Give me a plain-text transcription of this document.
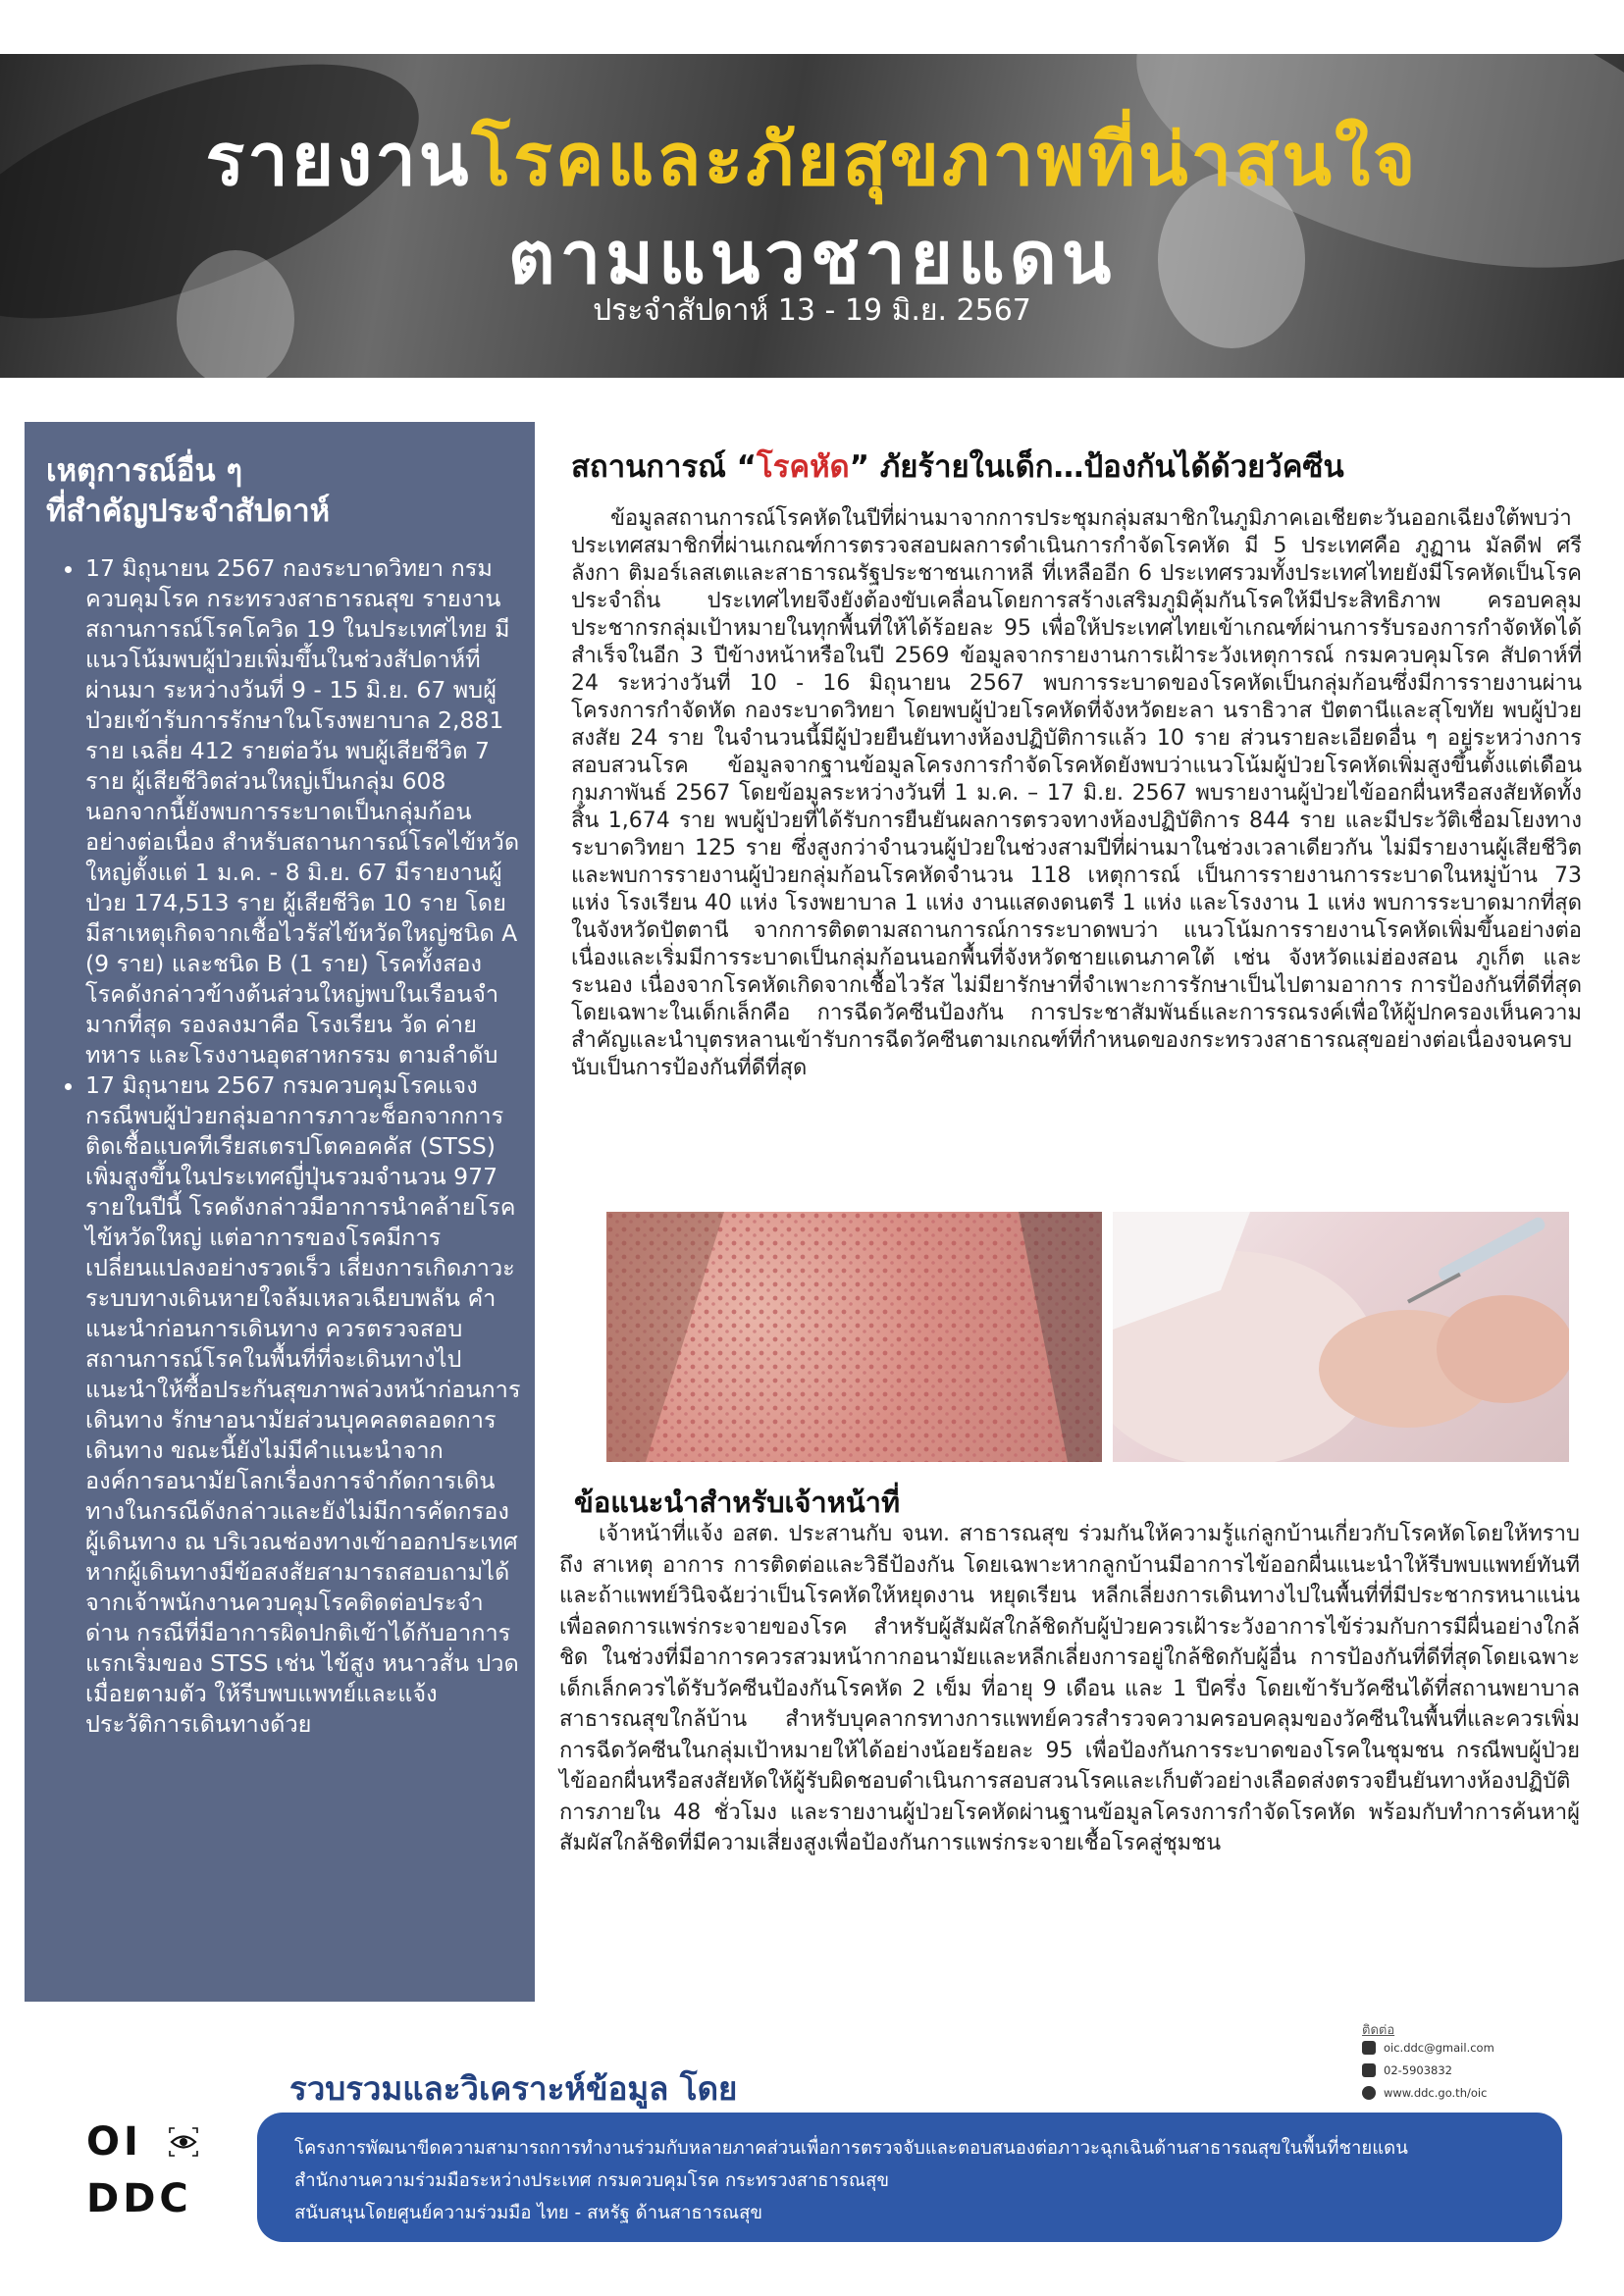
รายงานโรคและภัยสุขภาพที่น่าสนใจ
ตามแนวชายแดน
ประจำสัปดาห์ 13 - 19 มิ.ย. 2567
เหตุการณ์อื่น ๆ
ที่สำคัญประจำสัปดาห์
• 17 มิถุนายน 2567 กองระบาดวิทยา กรมควบคุมโรค กระทรวงสาธารณสุข รายงานสถานการณ์โรคโควิด 19 ในประเทศไทย มีแนวโน้มพบผู้ป่วยเพิ่มขึ้นในช่วงสัปดาห์ที่ผ่านมา ระหว่างวันที่ 9 - 15 มิ.ย. 67 พบผู้ป่วยเข้ารับการรักษาในโรงพยาบาล 2,881 ราย เฉลี่ย 412 รายต่อวัน พบผู้เสียชีวิต 7 ราย ผู้เสียชีวิตส่วนใหญ่เป็นกลุ่ม 608 นอกจากนี้ยังพบการระบาดเป็นกลุ่มก้อนอย่างต่อเนื่อง สำหรับสถานการณ์โรคไข้หวัดใหญ่ตั้งแต่ 1 ม.ค. - 8 มิ.ย. 67 มีรายงานผู้ป่วย 174,513 ราย ผู้เสียชีวิต 10 ราย โดยมีสาเหตุเกิดจากเชื้อไวรัสไข้หวัดใหญ่ชนิด A (9 ราย) และชนิด B (1 ราย) โรคทั้งสองโรคดังกล่าวข้างต้นส่วนใหญ่พบในเรือนจำมากที่สุด รองลงมาคือ โรงเรียน วัด ค่ายทหาร และโรงงานอุตสาหกรรม ตามลำดับ
• 17 มิถุนายน 2567 กรมควบคุมโรคแจงกรณีพบผู้ป่วยกลุ่มอาการภาวะช็อกจากการติดเชื้อแบคทีเรียสเตรปโตคอคคัส (STSS) เพิ่มสูงขึ้นในประเทศญี่ปุ่นรวมจำนวน 977 รายในปีนี้ โรคดังกล่าวมีอาการนำคล้ายโรคไข้หวัดใหญ่ แต่อาการของโรคมีการเปลี่ยนแปลงอย่างรวดเร็ว เสี่ยงการเกิดภาวะระบบทางเดินหายใจล้มเหลวเฉียบพลัน คำแนะนำก่อนการเดินทาง ควรตรวจสอบสถานการณ์โรคในพื้นที่ที่จะเดินทางไป แนะนำให้ซื้อประกันสุขภาพล่วงหน้าก่อนการเดินทาง รักษาอนามัยส่วนบุคคลตลอดการเดินทาง ขณะนี้ยังไม่มีคำแนะนำจากองค์การอนามัยโลกเรื่องการจำกัดการเดินทางในกรณีดังกล่าวและยังไม่มีการคัดกรองผู้เดินทาง ณ บริเวณช่องทางเข้าออกประเทศ หากผู้เดินทางมีข้อสงสัยสามารถสอบถามได้จากเจ้าพนักงานควบคุมโรคติดต่อประจำด่าน กรณีที่มีอาการผิดปกติเข้าได้กับอาการแรกเริ่มของ STSS เช่น ไข้สูง หนาวสั่น ปวดเมื่อยตามตัว ให้รีบพบแพทย์และแจ้งประวัติการเดินทางด้วย
สถานการณ์ “โรคหัด” ภัยร้ายในเด็ก…ป้องกันได้ด้วยวัคซีน

ข้อมูลสถานการณ์โรคหัดในปีที่ผ่านมาจากการประชุมกลุ่มสมาชิกในภูมิภาคเอเชียตะวันออกเฉียงใต้พบว่า ประเทศสมาชิกที่ผ่านเกณฑ์การตรวจสอบผลการดำเนินการกำจัดโรคหัด มี 5 ประเทศคือ ภูฏาน มัลดีฟ ศรีลังกา ติมอร์เลสเตและสาธารณรัฐประชาชนเกาหลี ที่เหลืออีก 6 ประเทศรวมทั้งประเทศไทยยังมีโรคหัดเป็นโรคประจำถิ่น ประเทศไทยจึงยังต้องขับเคลื่อนโดยการสร้างเสริมภูมิคุ้มกันโรคให้มีประสิทธิภาพ ครอบคลุมประชากรกลุ่มเป้าหมายในทุกพื้นที่ให้ได้ร้อยละ 95 เพื่อให้ประเทศไทยเข้าเกณฑ์ผ่านการรับรองการกำจัดหัดได้สำเร็จในอีก 3 ปีข้างหน้าหรือในปี 2569 ข้อมูลจากรายงานการเฝ้าระวังเหตุการณ์ กรมควบคุมโรค สัปดาห์ที่ 24 ระหว่างวันที่ 10 - 16 มิถุนายน 2567 พบการระบาดของโรคหัดเป็นกลุ่มก้อนซึ่งมีการรายงานผ่านโครงการกำจัดหัด กองระบาดวิทยา โดยพบผู้ป่วยโรคหัดที่จังหวัดยะลา นราธิวาส ปัตตานีและสุโขทัย พบผู้ป่วยสงสัย 24 ราย ในจำนวนนี้มีผู้ป่วยยืนยันทางห้องปฏิบัติการแล้ว 10 ราย ส่วนรายละเอียดอื่น ๆ อยู่ระหว่างการสอบสวนโรค ข้อมูลจากฐานข้อมูลโครงการกำจัดโรคหัดยังพบว่าแนวโน้มผู้ป่วยโรคหัดเพิ่มสูงขึ้นตั้งแต่เดือนกุมภาพันธ์ 2567 โดยข้อมูลระหว่างวันที่ 1 ม.ค. – 17 มิ.ย. 2567 พบรายงานผู้ป่วยไข้ออกผื่นหรือสงสัยหัดทั้งสิ้น 1,674 ราย พบผู้ป่วยที่ได้รับการยืนยันผลการตรวจทางห้องปฏิบัติการ 844 ราย และมีประวัติเชื่อมโยงทางระบาดวิทยา 125 ราย ซึ่งสูงกว่าจำนวนผู้ป่วยในช่วงสามปีที่ผ่านมาในช่วงเวลาเดียวกัน ไม่มีรายงานผู้เสียชีวิตและพบการรายงานผู้ป่วยกลุ่มก้อนโรคหัดจำนวน 118 เหตุการณ์ เป็นการรายงานการระบาดในหมู่บ้าน 73 แห่ง โรงเรียน 40 แห่ง โรงพยาบาล 1 แห่ง งานแสดงดนตรี 1 แห่ง และโรงงาน 1 แห่ง พบการระบาดมากที่สุดในจังหวัดปัตตานี จากการติดตามสถานการณ์การระบาดพบว่า แนวโน้มการรายงานโรคหัดเพิ่มขึ้นอย่างต่อเนื่องและเริ่มมีการระบาดเป็นกลุ่มก้อนนอกพื้นที่จังหวัดชายแดนภาคใต้ เช่น จังหวัดแม่ฮ่องสอน ภูเก็ต และระนอง เนื่องจากโรคหัดเกิดจากเชื้อไวรัส ไม่มียารักษาที่จำเพาะการรักษาเป็นไปตามอาการ การป้องกันที่ดีที่สุดโดยเฉพาะในเด็กเล็กคือ การฉีดวัคซีนป้องกัน การประชาสัมพันธ์และการรณรงค์เพื่อให้ผู้ปกครองเห็นความสำคัญและนำบุตรหลานเข้ารับการฉีดวัคซีนตามเกณฑ์ที่กำหนดของกระทรวงสาธารณสุขอย่างต่อเนื่องจนครบนับเป็นการป้องกันที่ดีที่สุด

ข้อแนะนำสำหรับเจ้าหน้าที่

เจ้าหน้าที่แจ้ง อสต. ประสานกับ จนท. สาธารณสุข ร่วมกันให้ความรู้แก่ลูกบ้านเกี่ยวกับโรคหัดโดยให้ทราบถึง สาเหตุ อาการ การติดต่อและวิธีป้องกัน โดยเฉพาะหากลูกบ้านมีอาการไข้ออกผื่นแนะนำให้รีบพบแพทย์ทันทีและถ้าแพทย์วินิจฉัยว่าเป็นโรคหัดให้หยุดงาน หยุดเรียน หลีกเลี่ยงการเดินทางไปในพื้นที่ที่มีประชากรหนาแน่นเพื่อลดการแพร่กระจายของโรค สำหรับผู้สัมผัสใกล้ชิดกับผู้ป่วยควรเฝ้าระวังอาการไข้ร่วมกับการมีผื่นอย่างใกล้ชิด ในช่วงที่มีอาการควรสวมหน้ากากอนามัยและหลีกเลี่ยงการอยู่ใกล้ชิดกับผู้อื่น การป้องกันที่ดีที่สุดโดยเฉพาะเด็กเล็กควรได้รับวัคซีนป้องกันโรคหัด 2 เข็ม ที่อายุ 9 เดือน และ 1 ปีครึ่ง โดยเข้ารับวัคซีนได้ที่สถานพยาบาลสาธารณสุขใกล้บ้าน สำหรับบุคลากรทางการแพทย์ควรสำรวจความครอบคลุมของวัคซีนในพื้นที่และควรเพิ่มการฉีดวัคซีนในกลุ่มเป้าหมายให้ได้อย่างน้อยร้อยละ 95 เพื่อป้องกันการระบาดของโรคในชุมชน กรณีพบผู้ป่วยไข้ออกผื่นหรือสงสัยหัดให้ผู้รับผิดชอบดำเนินการสอบสวนโรคและเก็บตัวอย่างเลือดส่งตรวจยืนยันทางห้องปฏิบัติการภายใน 48 ชั่วโมง และรายงานผู้ป่วยโรคหัดผ่านฐานข้อมูลโครงการกำจัดโรคหัด พร้อมกับทำการค้นหาผู้สัมผัสใกล้ชิดที่มีความเสี่ยงสูงเพื่อป้องกันการแพร่กระจายเชื้อโรคสู่ชุมชน

รวบรวมและวิเคราะห์ข้อมูล โดย
OI
DDC
ติดต่อ
oic.ddc@gmail.com
02-5903832
www.ddc.go.th/oic
โครงการพัฒนาขีดความสามารถการทำงานร่วมกับหลายภาคส่วนเพื่อการตรวจจับและตอบสนองต่อภาวะฉุกเฉินด้านสาธารณสุขในพื้นที่ชายแดน
สำนักงานความร่วมมือระหว่างประเทศ กรมควบคุมโรค กระทรวงสาธารณสุข
สนับสนุนโดยศูนย์ความร่วมมือ ไทย - สหรัฐ ด้านสาธารณสุข
